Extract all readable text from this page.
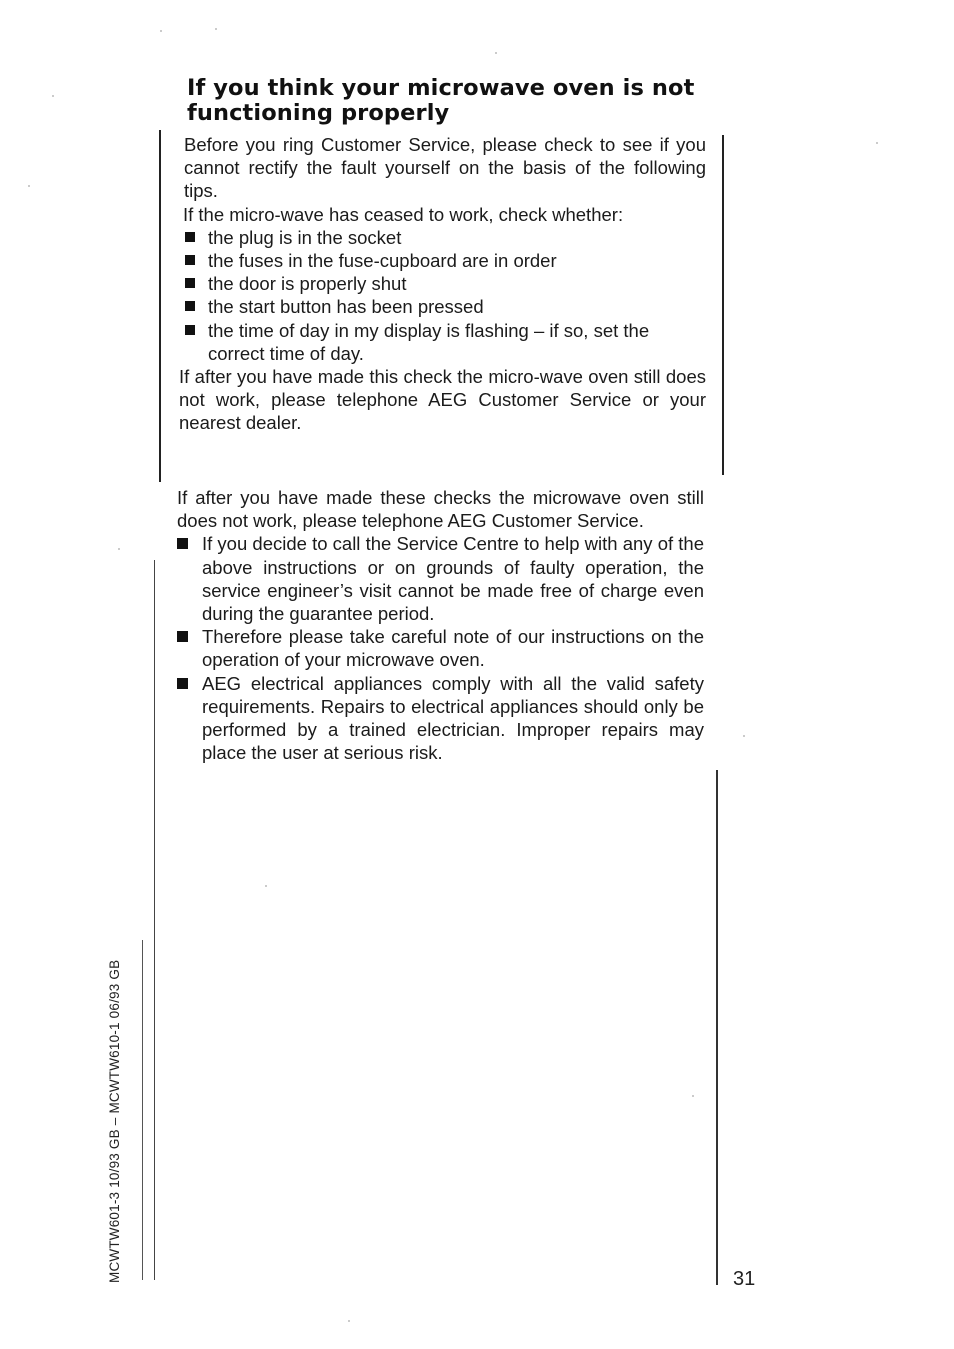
If you think your microwave oven is not functioning properly

Before you ring Customer Service, please check to see if you cannot rectify the fault yourself on the basis of the following tips.

If the micro-wave has ceased to work, check whether:

the plug is in the socket
the fuses in the fuse-cupboard are in order
the door is properly shut
the start button has been pressed
the time of day in my display is flashing – if so, set the correct time of day.

If after you have made this check the micro-wave oven still does not work, please telephone AEG Customer Service or your nearest dealer.

If after you have made these checks the microwave oven still does not work, please telephone AEG Customer Service.

If you decide to call the Service Centre to help with any of the above instructions or on grounds of faulty operation, the service engineer’s visit cannot be made free of charge even during the guarantee period.
Therefore please take careful note of our instructions on the operation of your microwave oven.
AEG electrical appliances comply with all the valid safety requirements. Repairs to electrical appliances should only be performed by a trained electrician. Improper repairs may place the user at serious risk.
MCWTW601-3 10/93 GB – MCWTW610-1 06/93 GB	31
